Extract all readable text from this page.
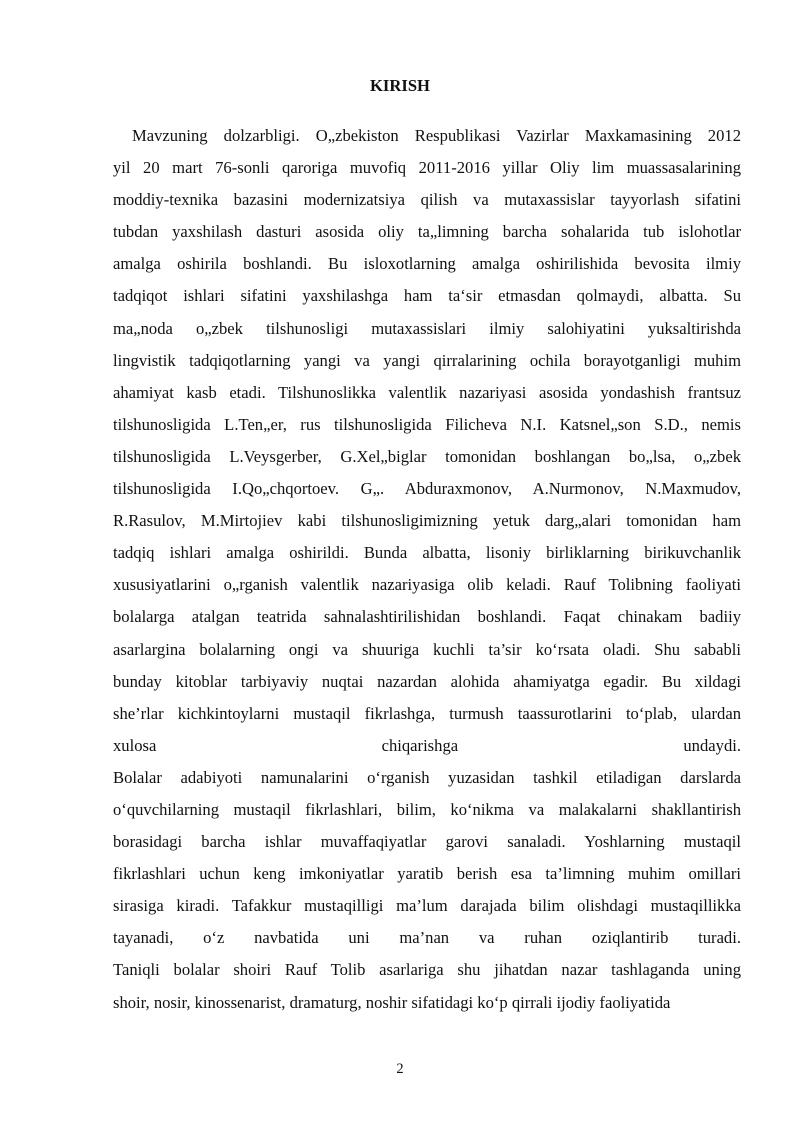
KIRISH
Mavzuning dolzarbligi. O„zbekiston Respublikasi Vazirlar Maxkamasining 2012
yil 20 mart 76-sonli qaroriga muvofiq 2011-2016 yillar Oliy lim muassasalarining
moddiy-texnika bazasini modernizatsiya qilish va mutaxassislar tayyorlash sifatini
tubdan yaxshilash dasturi asosida oliy ta„limning barcha sohalarida tub islohotlar
amalga oshirila boshlandi. Bu isloxotlarning amalga oshirilishida bevosita ilmiy
tadqiqot ishlari sifatini yaxshilashga ham ta‘sir etmasdan qolmaydi, albatta. Su
ma„noda o„zbek tilshunosligi mutaxassislari ilmiy salohiyatini yuksaltirishda
lingvistik tadqiqotlarning yangi va yangi qirralarining ochila borayotganligi muhim
ahamiyat kasb etadi. Tilshunoslikka valentlik nazariyasi asosida yondashish frantsuz
tilshunosligida L.Ten„er, rus tilshunosligida Filicheva N.I. Katsnel„son S.D., nemis
tilshunosligida L.Veysgerber, G.Xel„biglar tomonidan boshlangan bo„lsa, o„zbek
tilshunosligida I.Qo„chqortoev. G„. Abduraxmonov, A.Nurmonov, N.Maxmudov,
R.Rasulov, M.Mirtojiev kabi tilshunosligimizning yetuk darg„alari tomonidan ham
tadqiq ishlari amalga oshirildi. Bunda albatta, lisoniy birliklarning birikuvchanlik
xususiyatlarini o„rganish valentlik nazariyasiga olib keladi. Rauf Tolibning faoliyati
bolalarga atalgan teatrida sahnalashtirilishidan boshlandi. Faqat chinakam badiiy
asarlargina bolalarning ongi va shuuriga kuchli ta’sir ko‘rsata oladi. Shu sababli
bunday kitoblar tarbiyaviy nuqtai nazardan alohida ahamiyatga egadir. Bu xildagi
she’rlar kichkintoylarni mustaqil fikrlashga, turmush taassurotlarini to‘plab, ulardan
xulosa chiqarishga undaydi.
Bolalar adabiyoti namunalarini o‘rganish yuzasidan tashkil etiladigan darslarda
o‘quvchilarning mustaqil fikrlashlari, bilim, ko‘nikma va malakalarni shakllantirish
borasidagi barcha ishlar muvaffaqiyatlar garovi sanaladi. Yoshlarning mustaqil
fikrlashlari uchun keng imkoniyatlar yaratib berish esa ta’limning muhim omillari
sirasiga kiradi. Tafakkur mustaqilligi ma’lum darajada bilim olishdagi mustaqillikka
tayanadi, o‘z navbatida uni ma’nan va ruhan oziqlantirib turadi.
Taniqli bolalar shoiri Rauf Tolib asarlariga shu jihatdan nazar tashlaganda uning
shoir, nosir, kinossenarist, dramaturg, noshir sifatidagi ko‘p qirrali ijodiy faoliyatida
2
